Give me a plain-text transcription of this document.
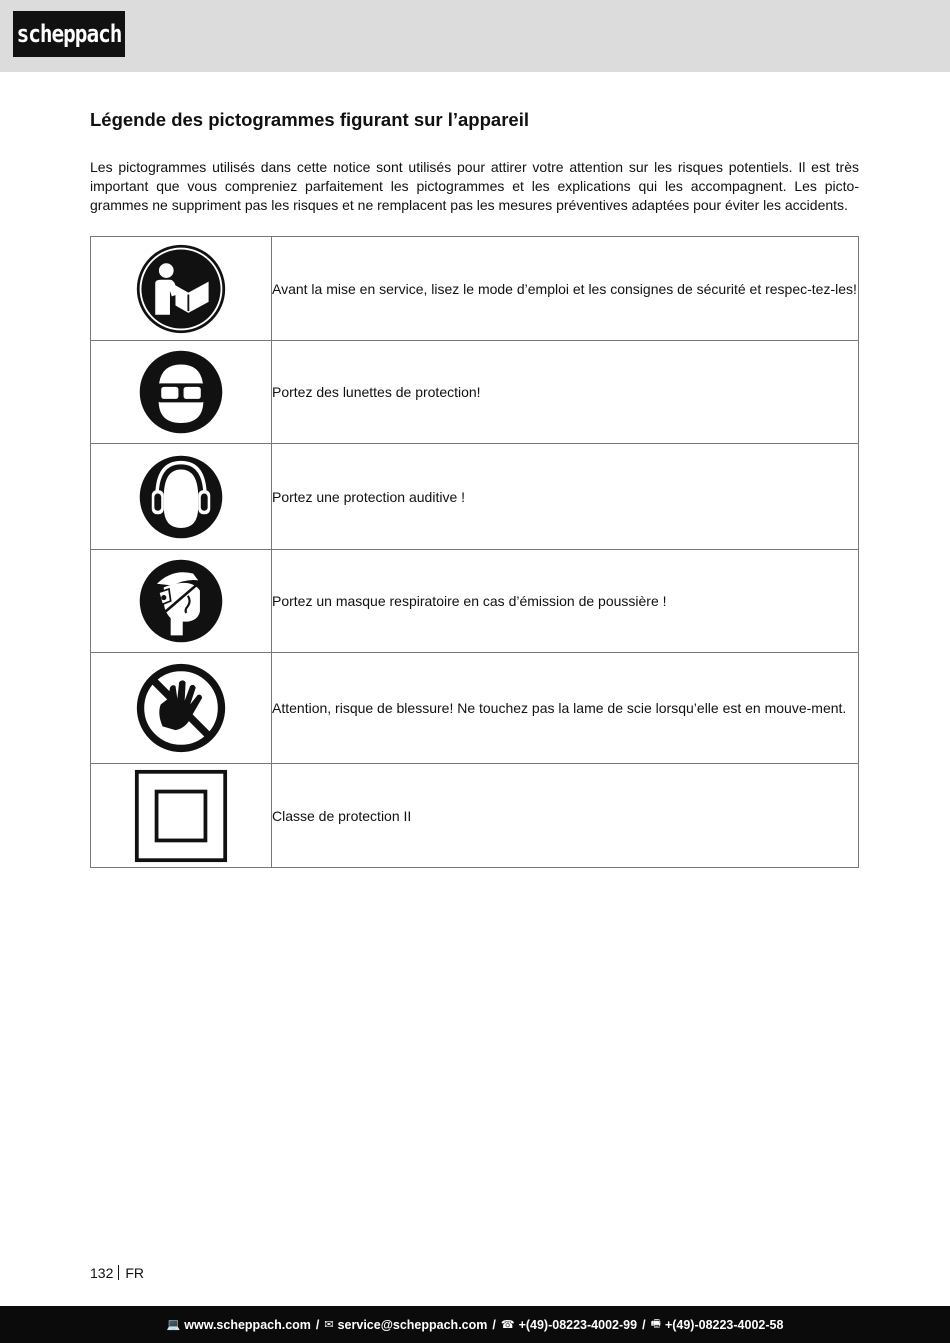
scheppach
Légende des pictogrammes figurant sur l’appareil

Les pictogrammes utilisés dans cette notice sont utilisés pour attirer votre attention sur les risques potentiels. Il est très important que vous compreniez parfaitement les pictogrammes et les explications qui les accompagnent. Les picto-grammes ne suppriment pas les risques et ne remplacent pas les mesures préventives adaptées pour éviter les accidents.

	Avant la mise en service, lisez le mode d’emploi et les consignes de sécurité et respec-tez-les!

	Portez des lunettes de protection!

	Portez une protection auditive !

	Portez un masque respiratoire en cas d’émission de poussière !

	Attention, risque de blessure! Ne touchez pas la lame de scie lorsqu’elle est en mouve-ment.

	Classe de protection II
132 FR
💻 www.scheppach.com / ✉ service@scheppach.com / ☎ +(49)-08223-4002-99 / 🖷 +(49)-08223-4002-58
